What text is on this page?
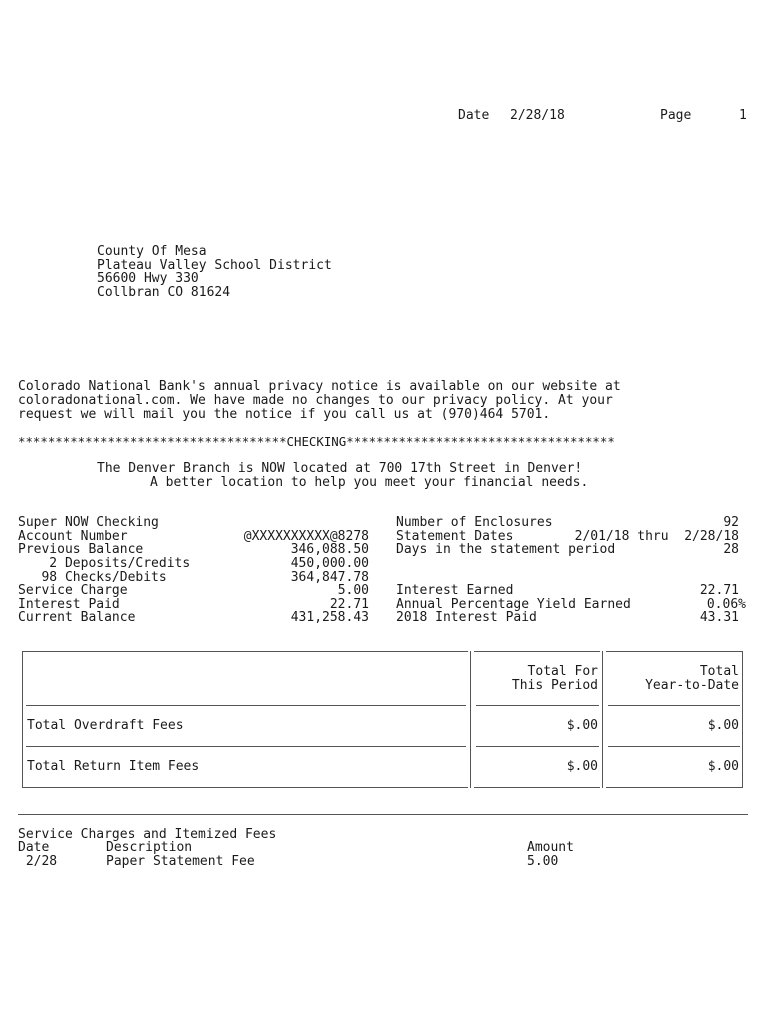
Date 2/28/18	Page	1
County Of Mesa
Plateau Valley School District
56600 Hwy 330
Collbran CO 81624
Colorado National Bank's annual privacy notice is available on our website at
coloradonational.com. We have made no changes to our privacy policy. At your
request we will mail you the notice if you call us at (970)464 5701.
************************************CHECKING************************************
The Denver Branch is NOW located at 700 17th Street in Denver!
A better location to help you meet your financial needs.
Super NOW Checking
Account Number	@XXXXXXXXXX@8278
Previous Balance	346,088.50
2 Deposits/Credits	450,000.00
98 Checks/Debits	364,847.78
Service Charge	5.00
Interest Paid	22.71
Current Balance	431,258.43
Number of Enclosures	92
Statement Dates	2/01/18 thru  2/28/18
Days in the statement period	28
Interest Earned	22.71
Annual Percentage Yield Earned	0.06%
2018 Interest Paid	43.31
Total For
This Period
Total
Year-to-Date
Total Overdraft Fees	$.00	$.00
Total Return Item Fees	$.00	$.00
Service Charges and Itemized Fees
Date	Description	Amount
2/28	Paper Statement Fee	5.00
